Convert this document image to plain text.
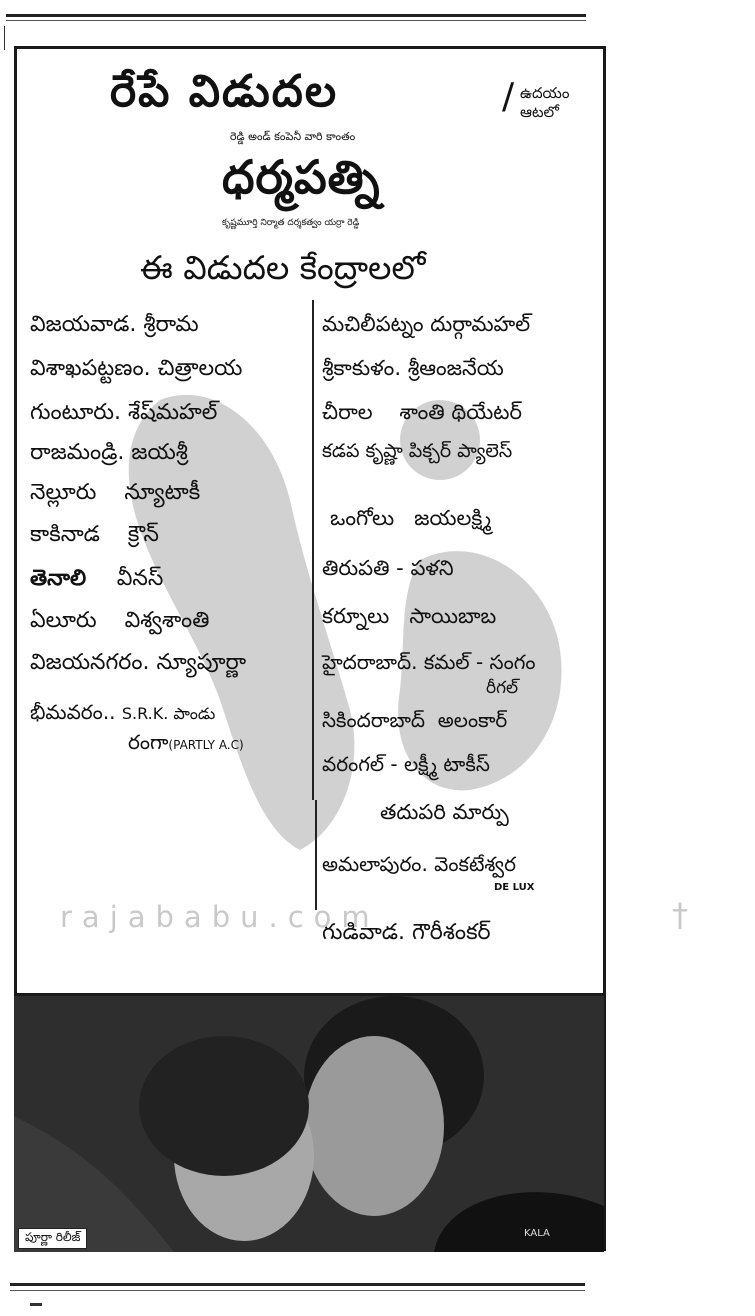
రేపే విడుదల	/ ఉదయం ఆటలో
రెడ్డి అండ్ కంపెనీ వారి కాంతం
ధర్మపత్ని
కృష్ణమూర్తి నిర్మాత దర్శకత్వం యర్రా రెడ్డి
ఈ విడుదల కేంద్రాలలో
విజయవాడ. శ్రీరామ
విశాఖపట్టణం. చిత్రాలయ
గుంటూరు. శేష్‌మహల్
రాజమండ్రి. జయశ్రీ
నెల్లూరు న్యూటాకీ
కాకినాడ క్రౌన్
తెనాలి వీనస్
ఏలూరు విశ్వశాంతి
విజయనగరం. న్యూపూర్ణా
భీమవరం.. S.R.K. పాండు
రంగా(PARTLY A.C)
మచిలీపట్నం దుర్గామహల్
శ్రీకాకుళం. శ్రీఆంజనేయ
చీరాల శాంతి థియేటర్
కడప కృష్ణా పిక్చర్ ప్యాలెస్
ఒంగోలు జయలక్ష్మి
తిరుపతి - పళని
కర్నూలు సాయిబాబ
హైదరాబాద్. కమల్ - సంగం
రీగల్
సికిందరాబాద్ అలంకార్
వరంగల్ - లక్ష్మీ టాకీస్
తదుపరి మార్పు
అమలాపురం. వెంకటేశ్వర
DE LUX
గుడివాడ. గౌరీశంకర్
rajababu.com	†
పూర్ణా రిలీజ్	KALA
